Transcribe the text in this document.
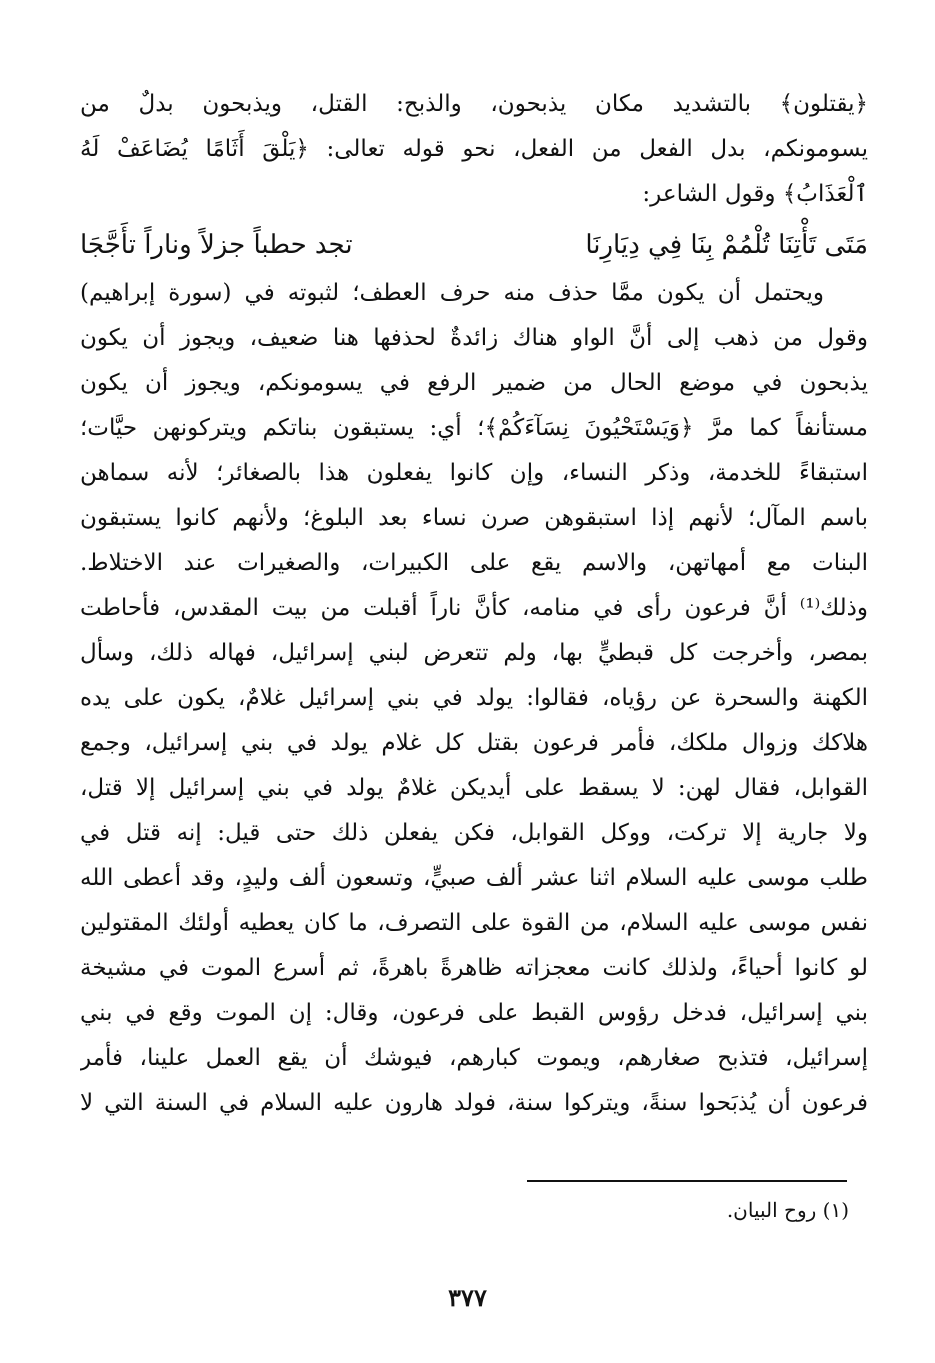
﴿يقتلون﴾ بالتشديد مكان يذبحون، والذبح: القتل، ويذبحون بدلٌ من
يسومونكم، بدل الفعل من الفعل، نحو قوله تعالى: ﴿يَلْقَ أَثَامًا يُضَاعَفْ لَهُ
ٱلْعَذَابُ﴾ وقول الشاعر:
مَتَى تَأْتِنَا تُلْمُمْ بِنَا فِي دِيَارِنَا
تجد حطباً جزلاً وناراً تأَجَّجَا
ويحتمل أن يكون ممَّا حذف منه حرف العطف؛ لثبوته في (سورة إبراهيم)
وقول من ذهب إلى أنَّ الواو هناك زائدةٌ لحذفها هنا ضعيف، ويجوز أن يكون
يذبحون في موضع الحال من ضمير الرفع في يسومونكم، ويجوز أن يكون
مستأنفاً كما مرَّ ﴿وَيَسْتَحْيُونَ نِسَآءَكُمْ﴾؛ أي: يستبقون بناتكم ويتركونهن حيَّات؛
استبقاءً للخدمة، وذكر النساء، وإن كانوا يفعلون هذا بالصغائر؛ لأنه سماهن
باسم المآل؛ لأنهم إذا استبقوهن صرن نساء بعد البلوغ؛ ولأنهم كانوا يستبقون
البنات مع أمهاتهن، والاسم يقع على الكبيرات، والصغيرات عند الاختلاط.
وذلك⁽¹⁾ أنَّ فرعون رأى في منامه، كأنَّ ناراً أقبلت من بيت المقدس، فأحاطت
بمصر، وأخرجت كل قبطيٍّ بها، ولم تتعرض لبني إسرائيل، فهاله ذلك، وسأل
الكهنة والسحرة عن رؤياه، فقالوا: يولد في بني إسرائيل غلامٌ، يكون على يده
هلاكك وزوال ملكك، فأمر فرعون بقتل كل غلام يولد في بني إسرائيل، وجمع
القوابل، فقال لهن: لا يسقط على أيديكن غلامٌ يولد في بني إسرائيل إلا قتل،
ولا جارية إلا تركت، ووكل القوابل، فكن يفعلن ذلك حتى قيل: إنه قتل في
طلب موسى عليه السلام اثنا عشر ألف صبيٍّ، وتسعون ألف وليدٍ، وقد أعطى الله
نفس موسى عليه السلام، من القوة على التصرف، ما كان يعطيه أولئك المقتولين
لو كانوا أحياءً، ولذلك كانت معجزاته ظاهرةً باهرةً، ثم أسرع الموت في مشيخة
بني إسرائيل، فدخل رؤوس القبط على فرعون، وقال: إن الموت وقع في بني
إسرائيل، فتذبح صغارهم، ويموت كبارهم، فيوشك أن يقع العمل علينا، فأمر
فرعون أن يُذبَحوا سنةً، ويتركوا سنة، فولد هارون عليه السلام في السنة التي لا
(١) روح البيان.
٣٧٧
